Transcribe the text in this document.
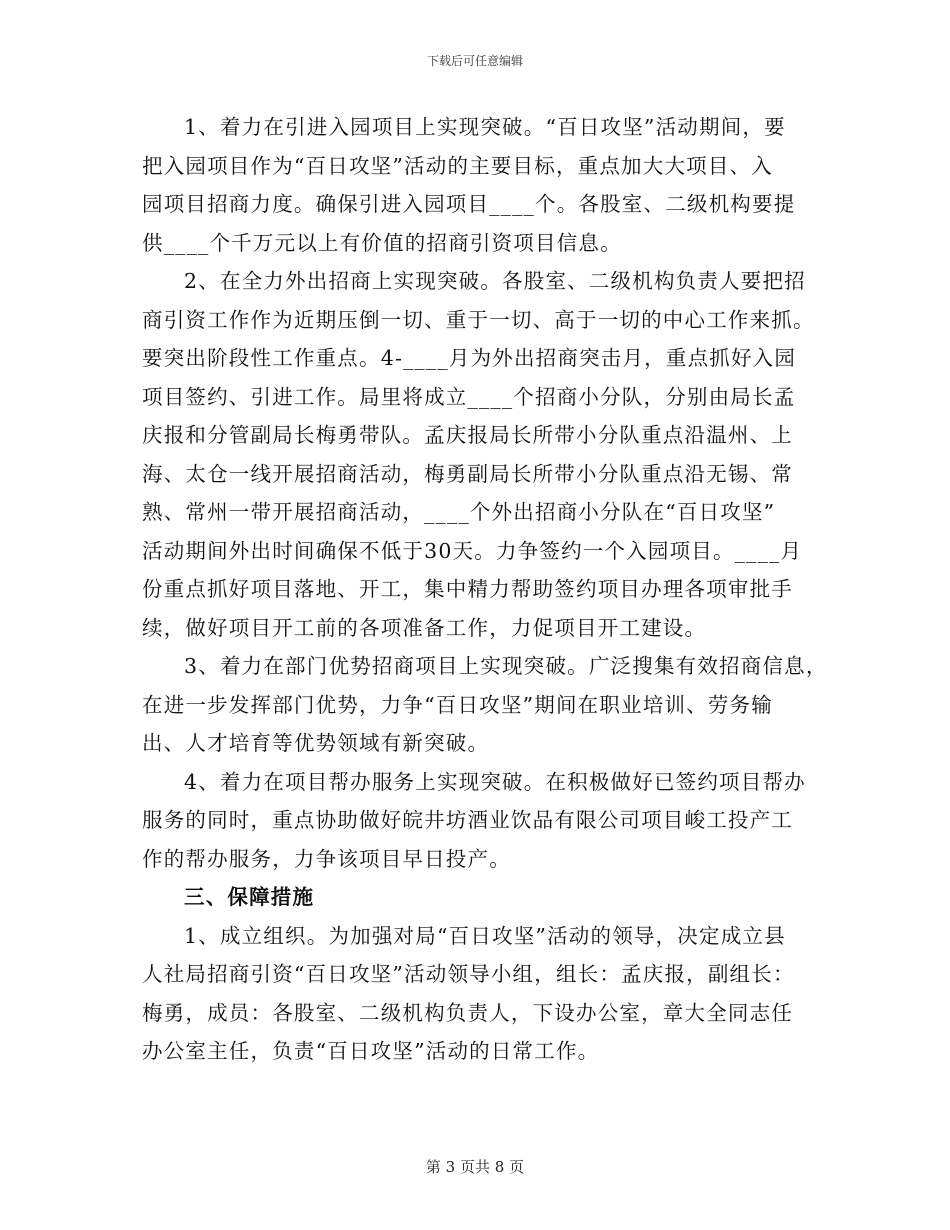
下载后可任意编辑
1、着力在引进入园项目上实现突破。“百日攻坚”活动期间，要
把入园项目作为“百日攻坚”活动的主要目标，重点加大大项目、入
园项目招商力度。确保引进入园项目____个。各股室、二级机构要提
供____个千万元以上有价值的招商引资项目信息。
2、在全力外出招商上实现突破。各股室、二级机构负责人要把招
商引资工作作为近期压倒一切、重于一切、高于一切的中心工作来抓。
要突出阶段性工作重点。4-____月为外出招商突击月，重点抓好入园
项目签约、引进工作。局里将成立____个招商小分队，分别由局长孟
庆报和分管副局长梅勇带队。孟庆报局长所带小分队重点沿温州、上
海、太仓一线开展招商活动，梅勇副局长所带小分队重点沿无锡、常
熟、常州一带开展招商活动，____个外出招商小分队在“百日攻坚”
活动期间外出时间确保不低于30天。力争签约一个入园项目。____月
份重点抓好项目落地、开工，集中精力帮助签约项目办理各项审批手
续，做好项目开工前的各项准备工作，力促项目开工建设。
3、着力在部门优势招商项目上实现突破。广泛搜集有效招商信息，
在进一步发挥部门优势，力争“百日攻坚”期间在职业培训、劳务输
出、人才培育等优势领域有新突破。
4、着力在项目帮办服务上实现突破。在积极做好已签约项目帮办
服务的同时，重点协助做好皖井坊酒业饮品有限公司项目峻工投产工
作的帮办服务，力争该项目早日投产。
三、保障措施
1、成立组织。为加强对局“百日攻坚”活动的领导，决定成立县
人社局招商引资“百日攻坚”活动领导小组，组长：孟庆报，副组长：
梅勇，成员：各股室、二级机构负责人，下设办公室，章大全同志任
办公室主任，负责“百日攻坚”活动的日常工作。
第 3 页共 8 页
